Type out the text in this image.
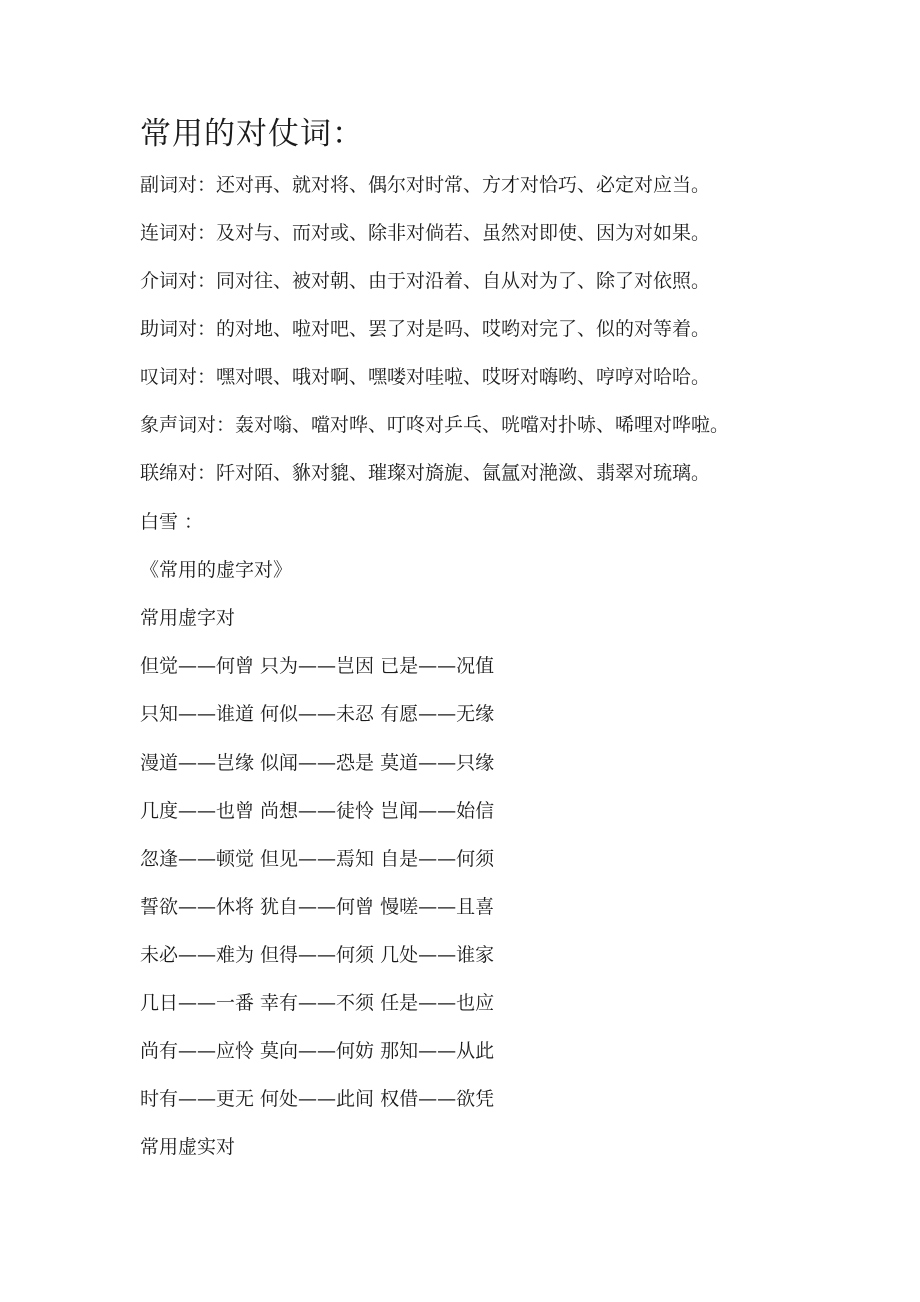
常用的对仗词：
副词对：还对再、就对将、偶尔对时常、方才对恰巧、必定对应当。
连词对：及对与、而对或、除非对倘若、虽然对即使、因为对如果。
介词对：同对往、被对朝、由于对沿着、自从对为了、除了对依照。
助词对：的对地、啦对吧、罢了对是吗、哎哟对完了、似的对等着。
叹词对：嘿对喂、哦对啊、嘿喽对哇啦、哎呀对嗨哟、哼哼对哈哈。
象声词对：轰对嗡、噹对哗、叮咚对乒乓、咣噹对扑哧、唏哩对哗啦。
联绵对：阡对陌、貅对貔、璀璨对旖旎、氤氲对滟潋、翡翠对琉璃。
白雪 ：
《常用的虚字对》
常用虚字对
但觉——何曾 只为——岂因 已是——况值
只知——谁道 何似——未忍 有愿——无缘
漫道——岂缘 似闻——恐是 莫道——只缘
几度——也曾 尚想——徒怜 岂闻——始信
忽逢——顿觉 但见——焉知 自是——何须
誓欲——休将 犹自——何曾 慢嗟——且喜
未必——难为 但得——何须 几处——谁家
几日——一番 幸有——不须 任是——也应
尚有——应怜 莫向——何妨 那知——从此
时有——更无 何处——此间 权借——欲凭
常用虚实对
